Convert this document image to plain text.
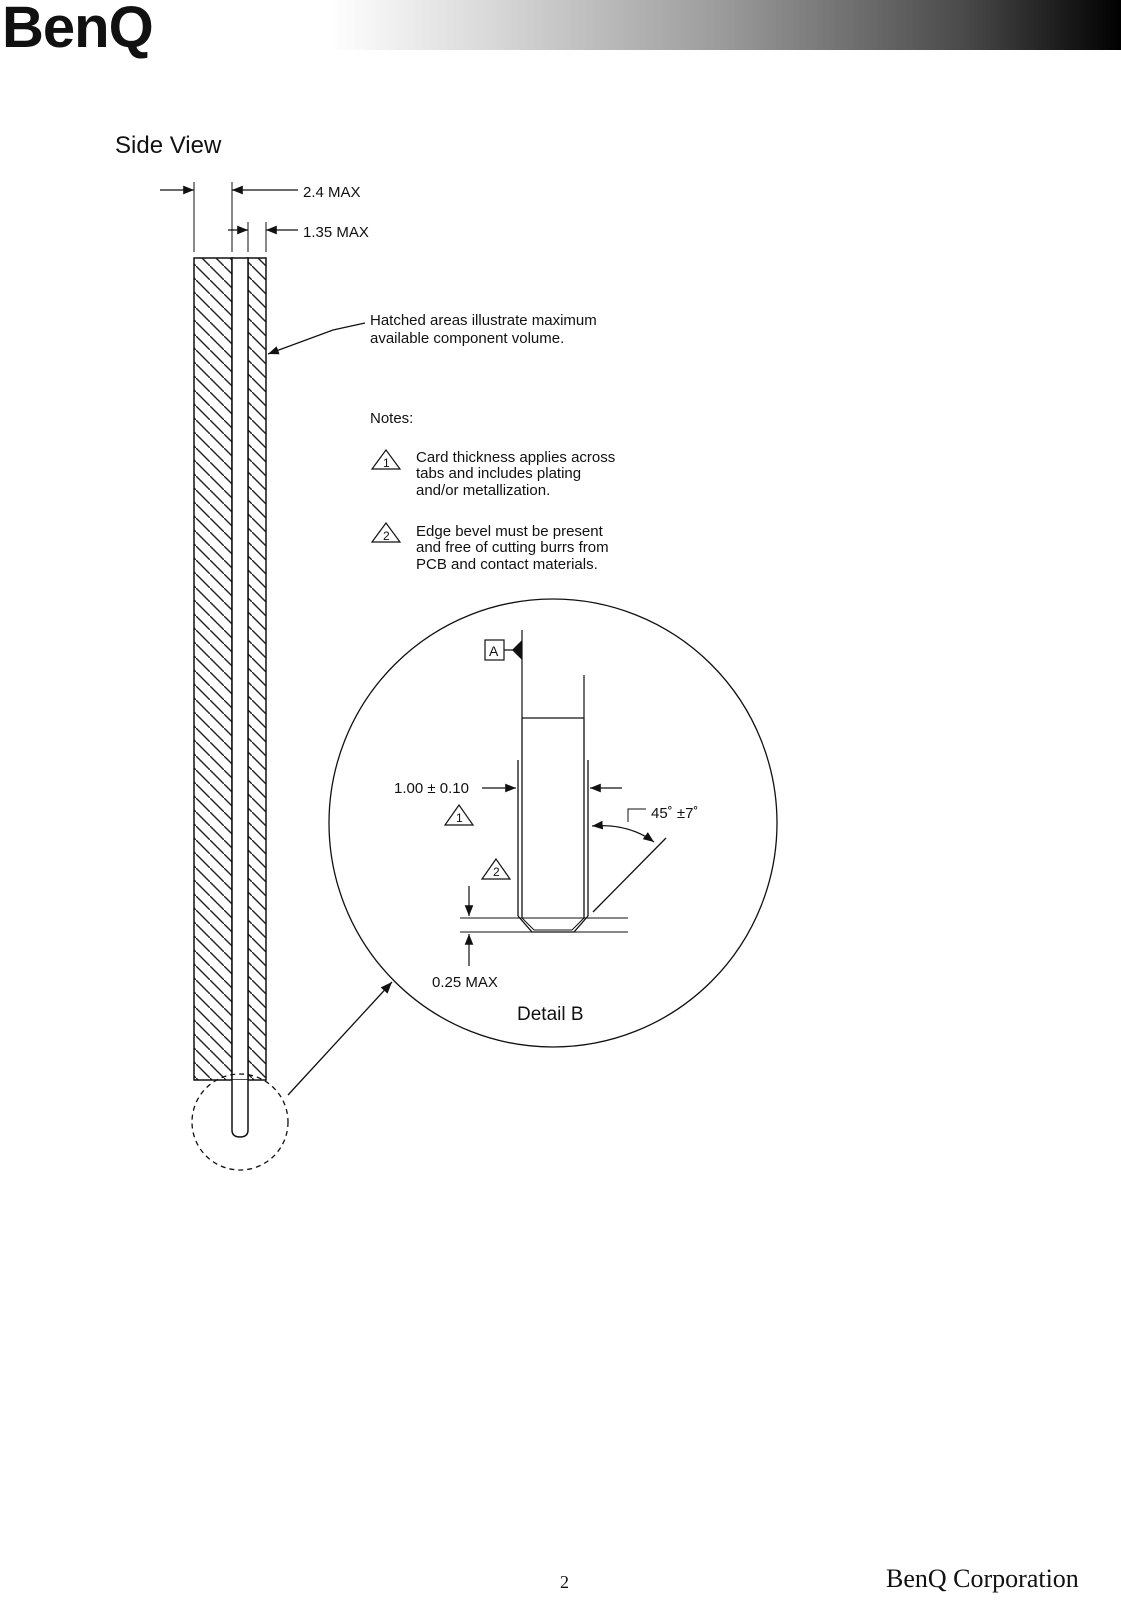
BenQ
Side View
2.4 MAX
1.35 MAX
Hatched areas illustrate maximum
available component volume.
Notes:
1 Card thickness applies across
tabs and includes plating
and/or metallization.
2 Edge bevel must be present
and free of cutting burrs from
PCB and contact materials.
A
1.00 ± 0.10
1
2
45˚ ±7˚
0.25 MAX
Detail B
2	BenQ Corporation
